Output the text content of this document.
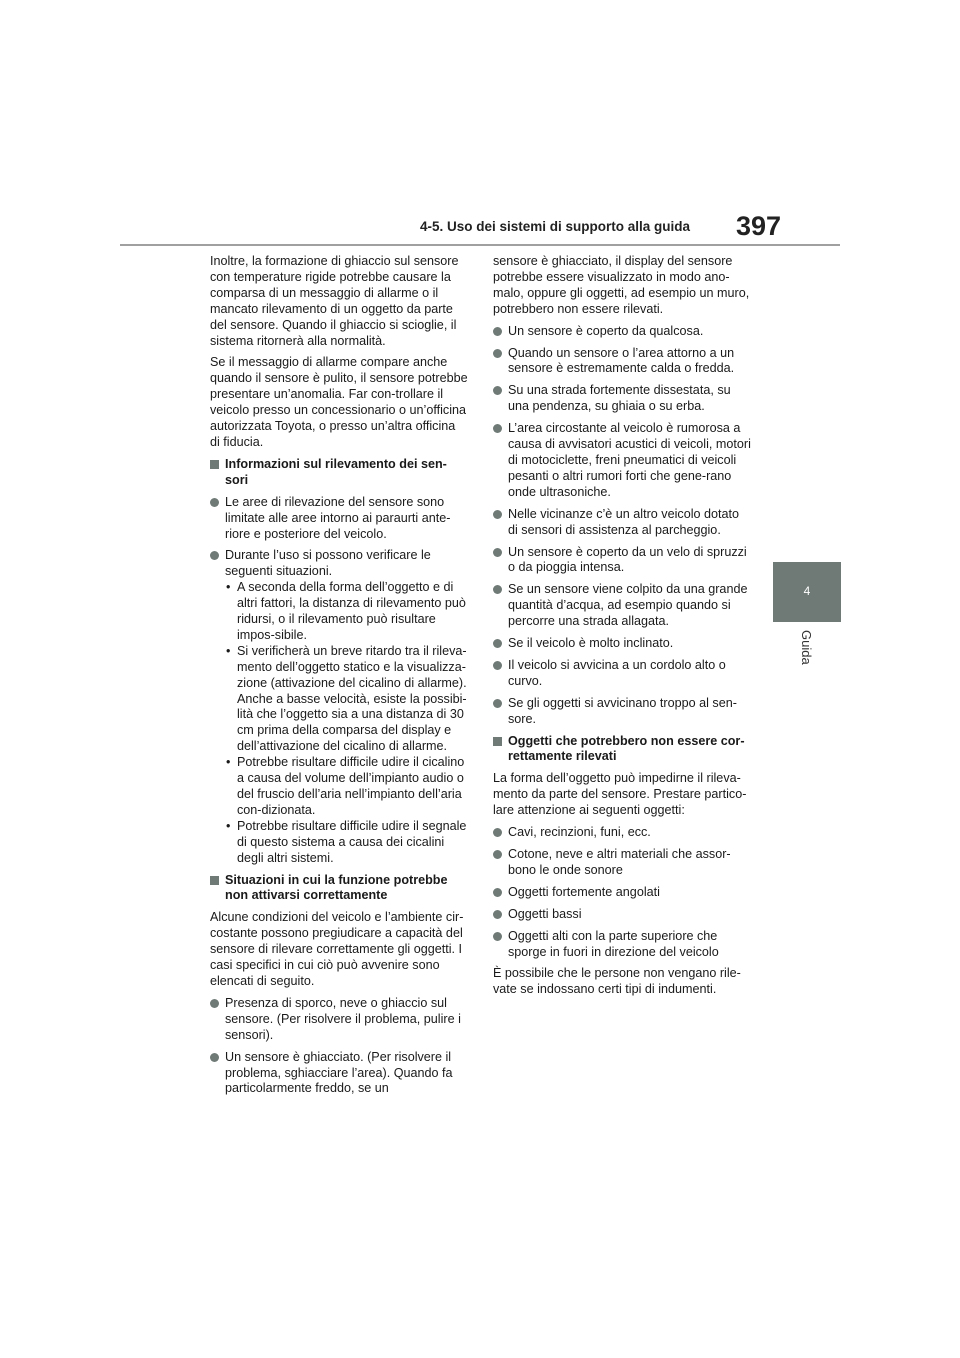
4-5. Uso dei sistemi di supporto alla guida 397
4
Guida

Inoltre, la formazione di ghiaccio sul sensore con temperature rigide potrebbe causare la comparsa di un messaggio di allarme o il mancato rilevamento di un oggetto da parte del sensore. Quando il ghiaccio si scioglie, il sistema ritornerà alla normalità.

Se il messaggio di allarme compare anche quando il sensore è pulito, il sensore potrebbe presentare un’anomalia. Far con-trollare il veicolo presso un concessionario o un’officina autorizzata Toyota, o presso un’altra officina di fiducia.

Informazioni sul rilevamento dei sen-sori
Le aree di rilevazione del sensore sono limitate alle aree intorno ai paraurti ante-riore e posteriore del veicolo.
Durante l’uso si possono verificare le seguenti situazioni.
• A seconda della forma dell’oggetto e di altri fattori, la distanza di rilevamento può ridursi, o il rilevamento può risultare impos-sibile.
• Si verificherà un breve ritardo tra il rileva-mento dell’oggetto statico e la visualizza-zione (attivazione del cicalino di allarme). Anche a basse velocità, esiste la possibi-lità che l’oggetto sia a una distanza di 30 cm prima della comparsa del display e dell’attivazione del cicalino di allarme.
• Potrebbe risultare difficile udire il cicalino a causa del volume dell’impianto audio o del fruscio dell’aria nell’impianto dell’aria con-dizionata.
• Potrebbe risultare difficile udire il segnale di questo sistema a causa dei cicalini degli altri sistemi.
Situazioni in cui la funzione potrebbe non attivarsi correttamente

Alcune condizioni del veicolo e l’ambiente cir-costante possono pregiudicare a capacità del sensore di rilevare correttamente gli oggetti. I casi specifici in cui ciò può avvenire sono elencati di seguito.

Presenza di sporco, neve o ghiaccio sul sensore. (Per risolvere il problema, pulire i sensori).
Un sensore è ghiacciato. (Per risolvere il problema, sghiacciare l’area). Quando fa particolarmente freddo, se un

sensore è ghiacciato, il display del sensore potrebbe essere visualizzato in modo ano-malo, oppure gli oggetti, ad esempio un muro, potrebbero non essere rilevati.

Un sensore è coperto da qualcosa.
Quando un sensore o l’area attorno a un sensore è estremamente calda o fredda.
Su una strada fortemente dissestata, su una pendenza, su ghiaia o su erba.
L’area circostante al veicolo è rumorosa a causa di avvisatori acustici di veicoli, motori di motociclette, freni pneumatici di veicoli pesanti o altri rumori forti che gene-rano onde ultrasoniche.
Nelle vicinanze c’è un altro veicolo dotato di sensori di assistenza al parcheggio.
Un sensore è coperto da un velo di spruzzi o da pioggia intensa.
Se un sensore viene colpito da una grande quantità d’acqua, ad esempio quando si percorre una strada allagata.
Se il veicolo è molto inclinato.
Il veicolo si avvicina a un cordolo alto o curvo.
Se gli oggetti si avvicinano troppo al sen-sore.
Oggetti che potrebbero non essere cor-rettamente rilevati

La forma dell’oggetto può impedirne il rileva-mento da parte del sensore. Prestare partico-lare attenzione ai seguenti oggetti:

Cavi, recinzioni, funi, ecc.
Cotone, neve e altri materiali che assor-bono le onde sonore
Oggetti fortemente angolati
Oggetti bassi
Oggetti alti con la parte superiore che sporge in fuori in direzione del veicolo

È possibile che le persone non vengano rile-vate se indossano certi tipi di indumenti.
